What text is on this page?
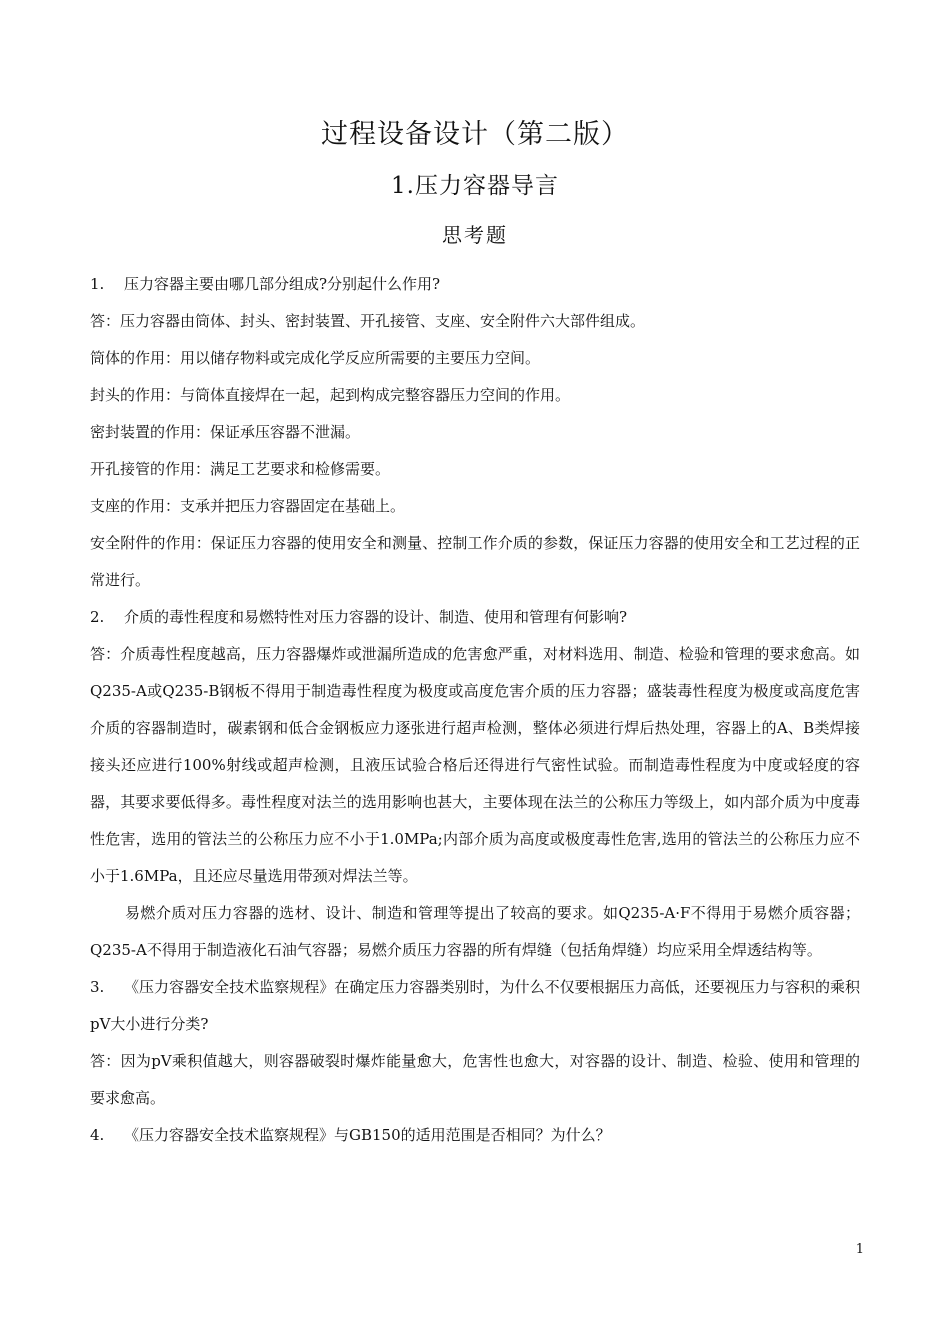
过程设备设计（第二版）
1.压力容器导言
思考题

1. 压力容器主要由哪几部分组成?分别起什么作用?

答：压力容器由筒体、封头、密封装置、开孔接管、支座、安全附件六大部件组成。

筒体的作用：用以储存物料或完成化学反应所需要的主要压力空间。

封头的作用：与筒体直接焊在一起，起到构成完整容器压力空间的作用。

密封装置的作用：保证承压容器不泄漏。

开孔接管的作用：满足工艺要求和检修需要。

支座的作用：支承并把压力容器固定在基础上。

安全附件的作用：保证压力容器的使用安全和测量、控制工作介质的参数，保证压力容器的使用安全和工艺过程的正常进行。

2. 介质的毒性程度和易燃特性对压力容器的设计、制造、使用和管理有何影响?

答：介质毒性程度越高，压力容器爆炸或泄漏所造成的危害愈严重，对材料选用、制造、检验和管理的要求愈高。如Q235-A或Q235-B钢板不得用于制造毒性程度为极度或高度危害介质的压力容器；盛装毒性程度为极度或高度危害介质的容器制造时，碳素钢和低合金钢板应力逐张进行超声检测，整体必须进行焊后热处理，容器上的A、B类焊接接头还应进行100%射线或超声检测，且液压试验合格后还得进行气密性试验。而制造毒性程度为中度或轻度的容器，其要求要低得多。毒性程度对法兰的选用影响也甚大，主要体现在法兰的公称压力等级上，如内部介质为中度毒性危害，选用的管法兰的公称压力应不小于1.0MPa;内部介质为高度或极度毒性危害,选用的管法兰的公称压力应不小于1.6MPa，且还应尽量选用带颈对焊法兰等。

易燃介质对压力容器的选材、设计、制造和管理等提出了较高的要求。如Q235-A·F不得用于易燃介质容器；Q235-A不得用于制造液化石油气容器；易燃介质压力容器的所有焊缝（包括角焊缝）均应采用全焊透结构等。

3. 《压力容器安全技术监察规程》在确定压力容器类别时，为什么不仅要根据压力高低，还要视压力与容积的乘积pV大小进行分类?

答：因为pV乘积值越大，则容器破裂时爆炸能量愈大，危害性也愈大，对容器的设计、制造、检验、使用和管理的要求愈高。

4. 《压力容器安全技术监察规程》与GB150的适用范围是否相同？为什么？

1
